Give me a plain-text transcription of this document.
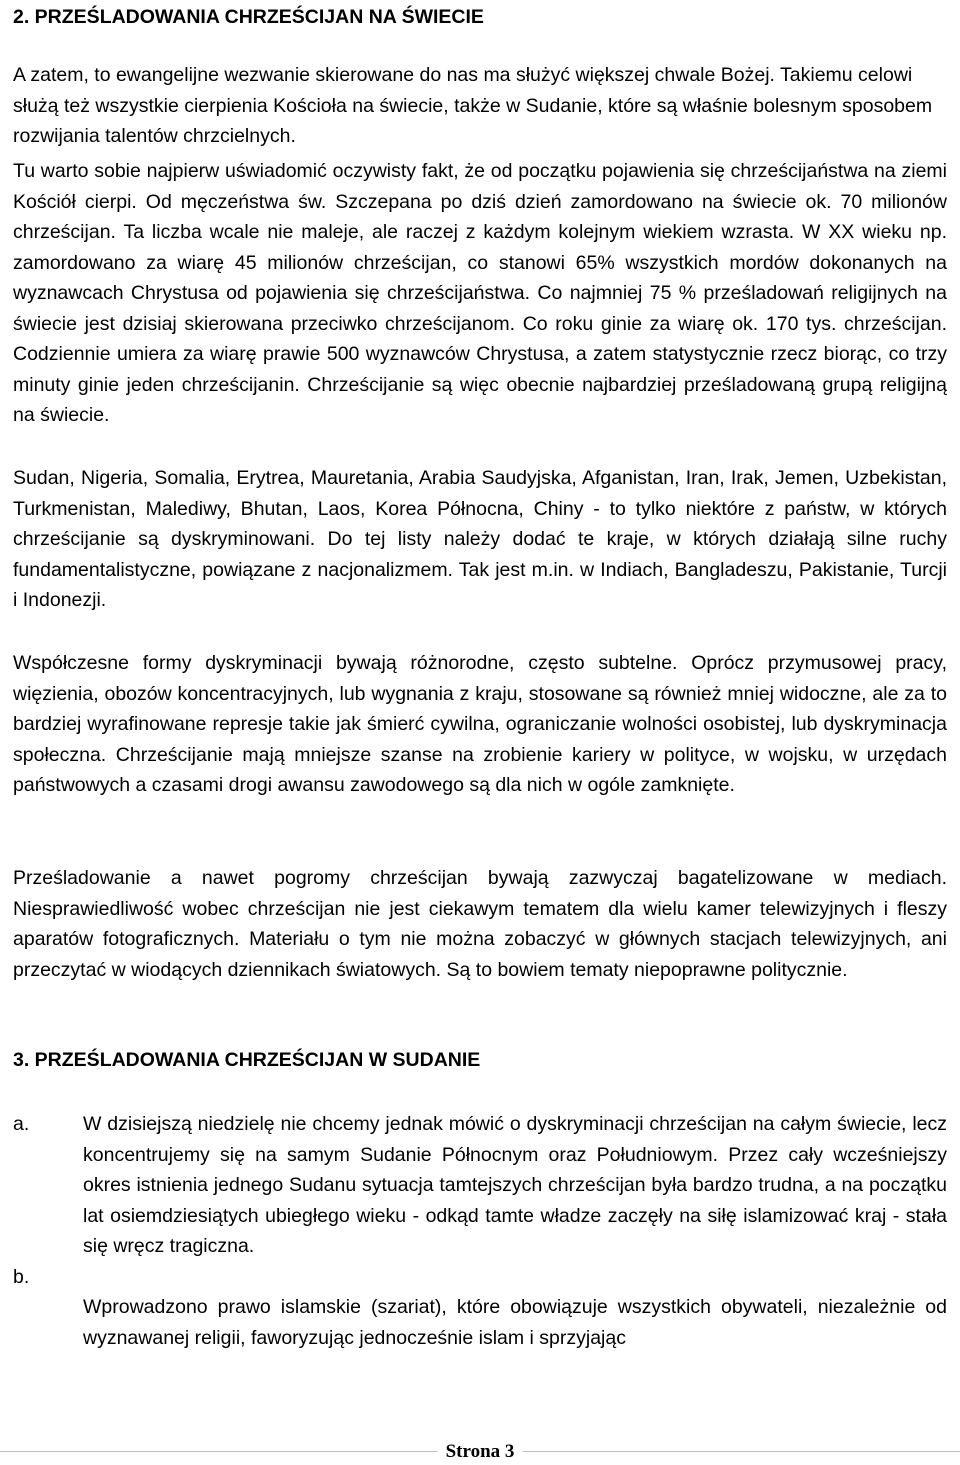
2. PRZEŚLADOWANIA CHRZEŚCIJAN NA ŚWIECIE

A zatem, to ewangelijne wezwanie skierowane do nas ma służyć większej chwale Bożej. Takiemu celowi służą też wszystkie cierpienia Kościoła na świecie, także w Sudanie, które są właśnie bolesnym sposobem rozwijania talentów chrzcielnych.

Tu warto sobie najpierw uświadomić oczywisty fakt, że od początku pojawienia się chrześcijaństwa na ziemi Kościół cierpi. Od męczeństwa św. Szczepana po dziś dzień zamordowano na świecie ok. 70 milionów chrześcijan. Ta liczba wcale nie maleje, ale raczej z każdym kolejnym wiekiem wzrasta. W XX wieku np. zamordowano za wiarę 45 milionów chrześcijan, co stanowi 65% wszystkich mordów dokonanych na wyznawcach Chrystusa od pojawienia się chrześcijaństwa. Co najmniej 75 % prześladowań religijnych na świecie jest dzisiaj skierowana przeciwko chrześcijanom. Co roku ginie za wiarę ok. 170 tys. chrześcijan. Codziennie umiera za wiarę prawie 500 wyznawców Chrystusa, a zatem statystycznie rzecz biorąc, co trzy minuty ginie jeden chrześcijanin. Chrześcijanie są więc obecnie najbardziej prześladowaną grupą religijną na świecie.

Sudan, Nigeria, Somalia, Erytrea, Mauretania, Arabia Saudyjska, Afganistan, Iran, Irak, Jemen, Uzbekistan, Turkmenistan, Malediwy, Bhutan, Laos, Korea Północna, Chiny - to tylko niektóre z państw, w których chrześcijanie są dyskryminowani. Do tej listy należy dodać te kraje, w których działają silne ruchy fundamentalistyczne, powiązane z nacjonalizmem. Tak jest m.in. w Indiach, Bangladeszu, Pakistanie, Turcji i Indonezji.

Współczesne formy dyskryminacji bywają różnorodne, często subtelne. Oprócz przymusowej pracy, więzienia, obozów koncentracyjnych, lub wygnania z kraju, stosowane są również mniej widoczne, ale za to bardziej wyrafinowane represje takie jak śmierć cywilna, ograniczanie wolności osobistej, lub dyskryminacja społeczna. Chrześcijanie mają mniejsze szanse na zrobienie kariery w polityce, w wojsku, w urzędach państwowych a czasami drogi awansu zawodowego są dla nich w ogóle zamknięte.

Prześladowanie a nawet pogromy chrześcijan bywają zazwyczaj bagatelizowane w mediach. Niesprawiedliwość wobec chrześcijan nie jest ciekawym tematem dla wielu kamer telewizyjnych i fleszy aparatów fotograficznych. Materiału o tym nie można zobaczyć w głównych stacjach telewizyjnych, ani przeczytać w wiodących dziennikach światowych. Są to bowiem tematy niepoprawne politycznie.

3. PRZEŚLADOWANIA CHRZEŚCIJAN W SUDANIE
a.	W dzisiejszą niedzielę nie chcemy jednak mówić o dyskryminacji chrześcijan na całym świecie, lecz koncentrujemy się na samym Sudanie Północnym oraz Południowym. Przez cały wcześniejszy okres istnienia jednego Sudanu sytuacja tamtejszych chrześcijan była bardzo trudna, a na początku lat osiemdziesiątych ubiegłego wieku - odkąd tamte władze zaczęły na siłę islamizować kraj - stała się wręcz tragiczna.
b.
Wprowadzono prawo islamskie (szariat), które obowiązuje wszystkich obywateli, niezależnie od wyznawanej religii, faworyzując jednocześnie islam i sprzyjając
Strona 3
